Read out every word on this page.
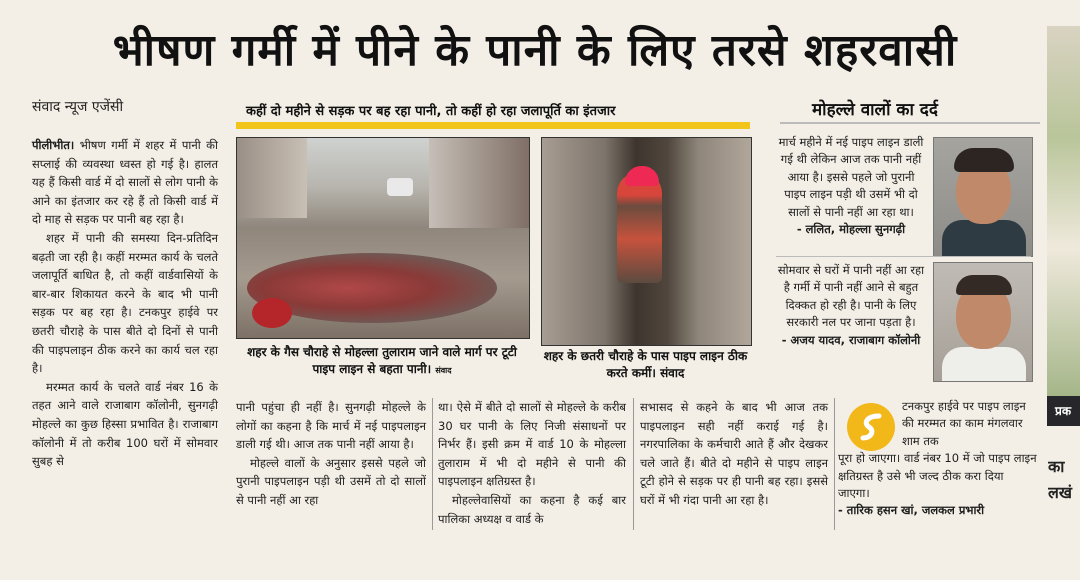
भीषण गर्मी में पीने के पानी के लिए तरसे शहरवासी
संवाद न्यूज एजेंसी	कहीं दो महीने से सड़क पर बह रहा पानी, तो कहीं हो रहा जलापूर्ति का इंतजार	मोहल्ले वालों का दर्द

पीलीभीत। भीषण गर्मी में शहर में पानी की सप्लाई की व्यवस्था ध्वस्त हो गई है। हालत यह हैं किसी वार्ड में दो सालों से लोग पानी के आने का इंतजार कर रहे हैं तो किसी वार्ड में दो माह से सड़क पर पानी बह रहा है।

शहर में पानी की समस्या दिन-प्रतिदिन बढ़ती जा रही है। कहीं मरम्मत कार्य के चलते जलापूर्ति बाधित है, तो कहीं वार्डवासियों के बार-बार शिकायत करने के बाद भी पानी सड़क पर बह रहा है। टनकपुर हाईवे पर छतरी चौराहे के पास बीते दो दिनों से पानी की पाइपलाइन ठीक करने का कार्य चल रहा है।

मरम्मत कार्य के चलते वार्ड नंबर 16 के तहत आने वाले राजाबाग कॉलोनी, सुनगढ़ी मोहल्ले का कुछ हिस्सा प्रभावित है। राजाबाग कॉलोनी में तो करीब 100 घरों में सोमवार सुबह से

शहर के गैस चौराहे से मोहल्ला तुलाराम जाने वाले मार्ग पर टूटी पाइप लाइन से बहता पानी। संवाद
शहर के छतरी चौराहे के पास पाइप लाइन ठीक करते कर्मी। संवाद

पानी पहुंचा ही नहीं है। सुनगढ़ी मोहल्ले के लोगों का कहना है कि मार्च में नई पाइपलाइन डाली गई थी। आज तक पानी नहीं आया है।

मोहल्ले वालों के अनुसार इससे पहले जो पुरानी पाइपलाइन पड़ी थी उसमें तो दो सालों से पानी नहीं आ रहा

था। ऐसे में बीते दो सालों से मोहल्ले के करीब 30 घर पानी के लिए निजी संसाधनों पर निर्भर हैं। इसी क्रम में वार्ड 10 के मोहल्ला तुलाराम में भी दो महीने से पानी की पाइपलाइन क्षतिग्रस्त है।

मोहल्लेवासियों का कहना है कई बार पालिका अध्यक्ष व वार्ड के

सभासद से कहने के बाद भी आज तक पाइपलाइन सही नहीं कराई गई है। नगरपालिका के कर्मचारी आते हैं और देखकर चले जाते हैं। बीते दो महीने से पाइप लाइन टूटी होने से सड़क पर ही पानी बह रहा। इससे घरों में भी गंदा पानी आ रहा है।

मार्च महीने में नई पाइप लाइन डाली गई थी लेकिन आज तक पानी नहीं आया है। इससे पहले जो पुरानी पाइप लाइन पड़ी थी उसमें भी दो सालों से पानी नहीं आ रहा था।
- ललित, मोहल्ला सुनगढ़ी
सोमवार से घरों में पानी नहीं आ रहा है गर्मी में पानी नहीं आने से बहुत दिक्कत हो रही है। पानी के लिए सरकारी नल पर जाना पड़ता है।
- अजय यादव, राजाबाग कॉलोनी
टनकपुर हाईवे पर पाइप लाइन की मरम्मत का काम मंगलवार शाम तक
पूरा हो जाएगा। वार्ड नंबर 10 में जो पाइप लाइन क्षतिग्रस्त है उसे भी जल्द ठीक करा दिया जाएगा।
- तारिक हसन खां, जलकल प्रभारी
प्रक
का
लखं
